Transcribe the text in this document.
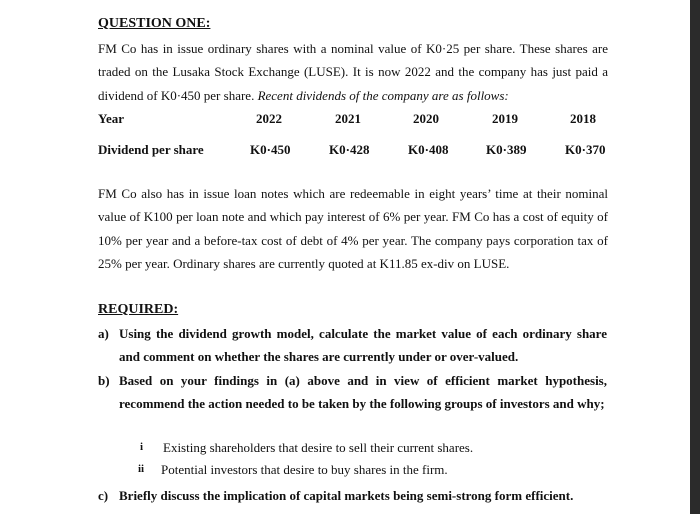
QUESTION ONE:
FM Co has in issue ordinary shares with a nominal value of K0·25 per share. These shares are traded on the Lusaka Stock Exchange (LUSE). It is now 2022 and the company has just paid a dividend of K0·450 per share. Recent dividends of the company are as follows:
Year	2022	2021	2020	2019	2018
Dividend per share	K0·450	K0·428	K0·408	K0·389	K0·370
FM Co also has in issue loan notes which are redeemable in eight years’ time at their nominal value of K100 per loan note and which pay interest of 6% per year. FM Co has a cost of equity of 10% per year and a before-tax cost of debt of 4% per year. The company pays corporation tax of 25% per year. Ordinary shares are currently quoted at K11.85 ex-div on LUSE.
REQUIRED:
a) Using the dividend growth model, calculate the market value of each ordinary share and comment on whether the shares are currently under or over-valued.
b) Based on your findings in (a) above and in view of efficient market hypothesis, recommend the action needed to be taken by the following groups of investors and why;
i Existing shareholders that desire to sell their current shares.
ii Potential investors that desire to buy shares in the firm.
c) Briefly discuss the implication of capital markets being semi-strong form efficient.
